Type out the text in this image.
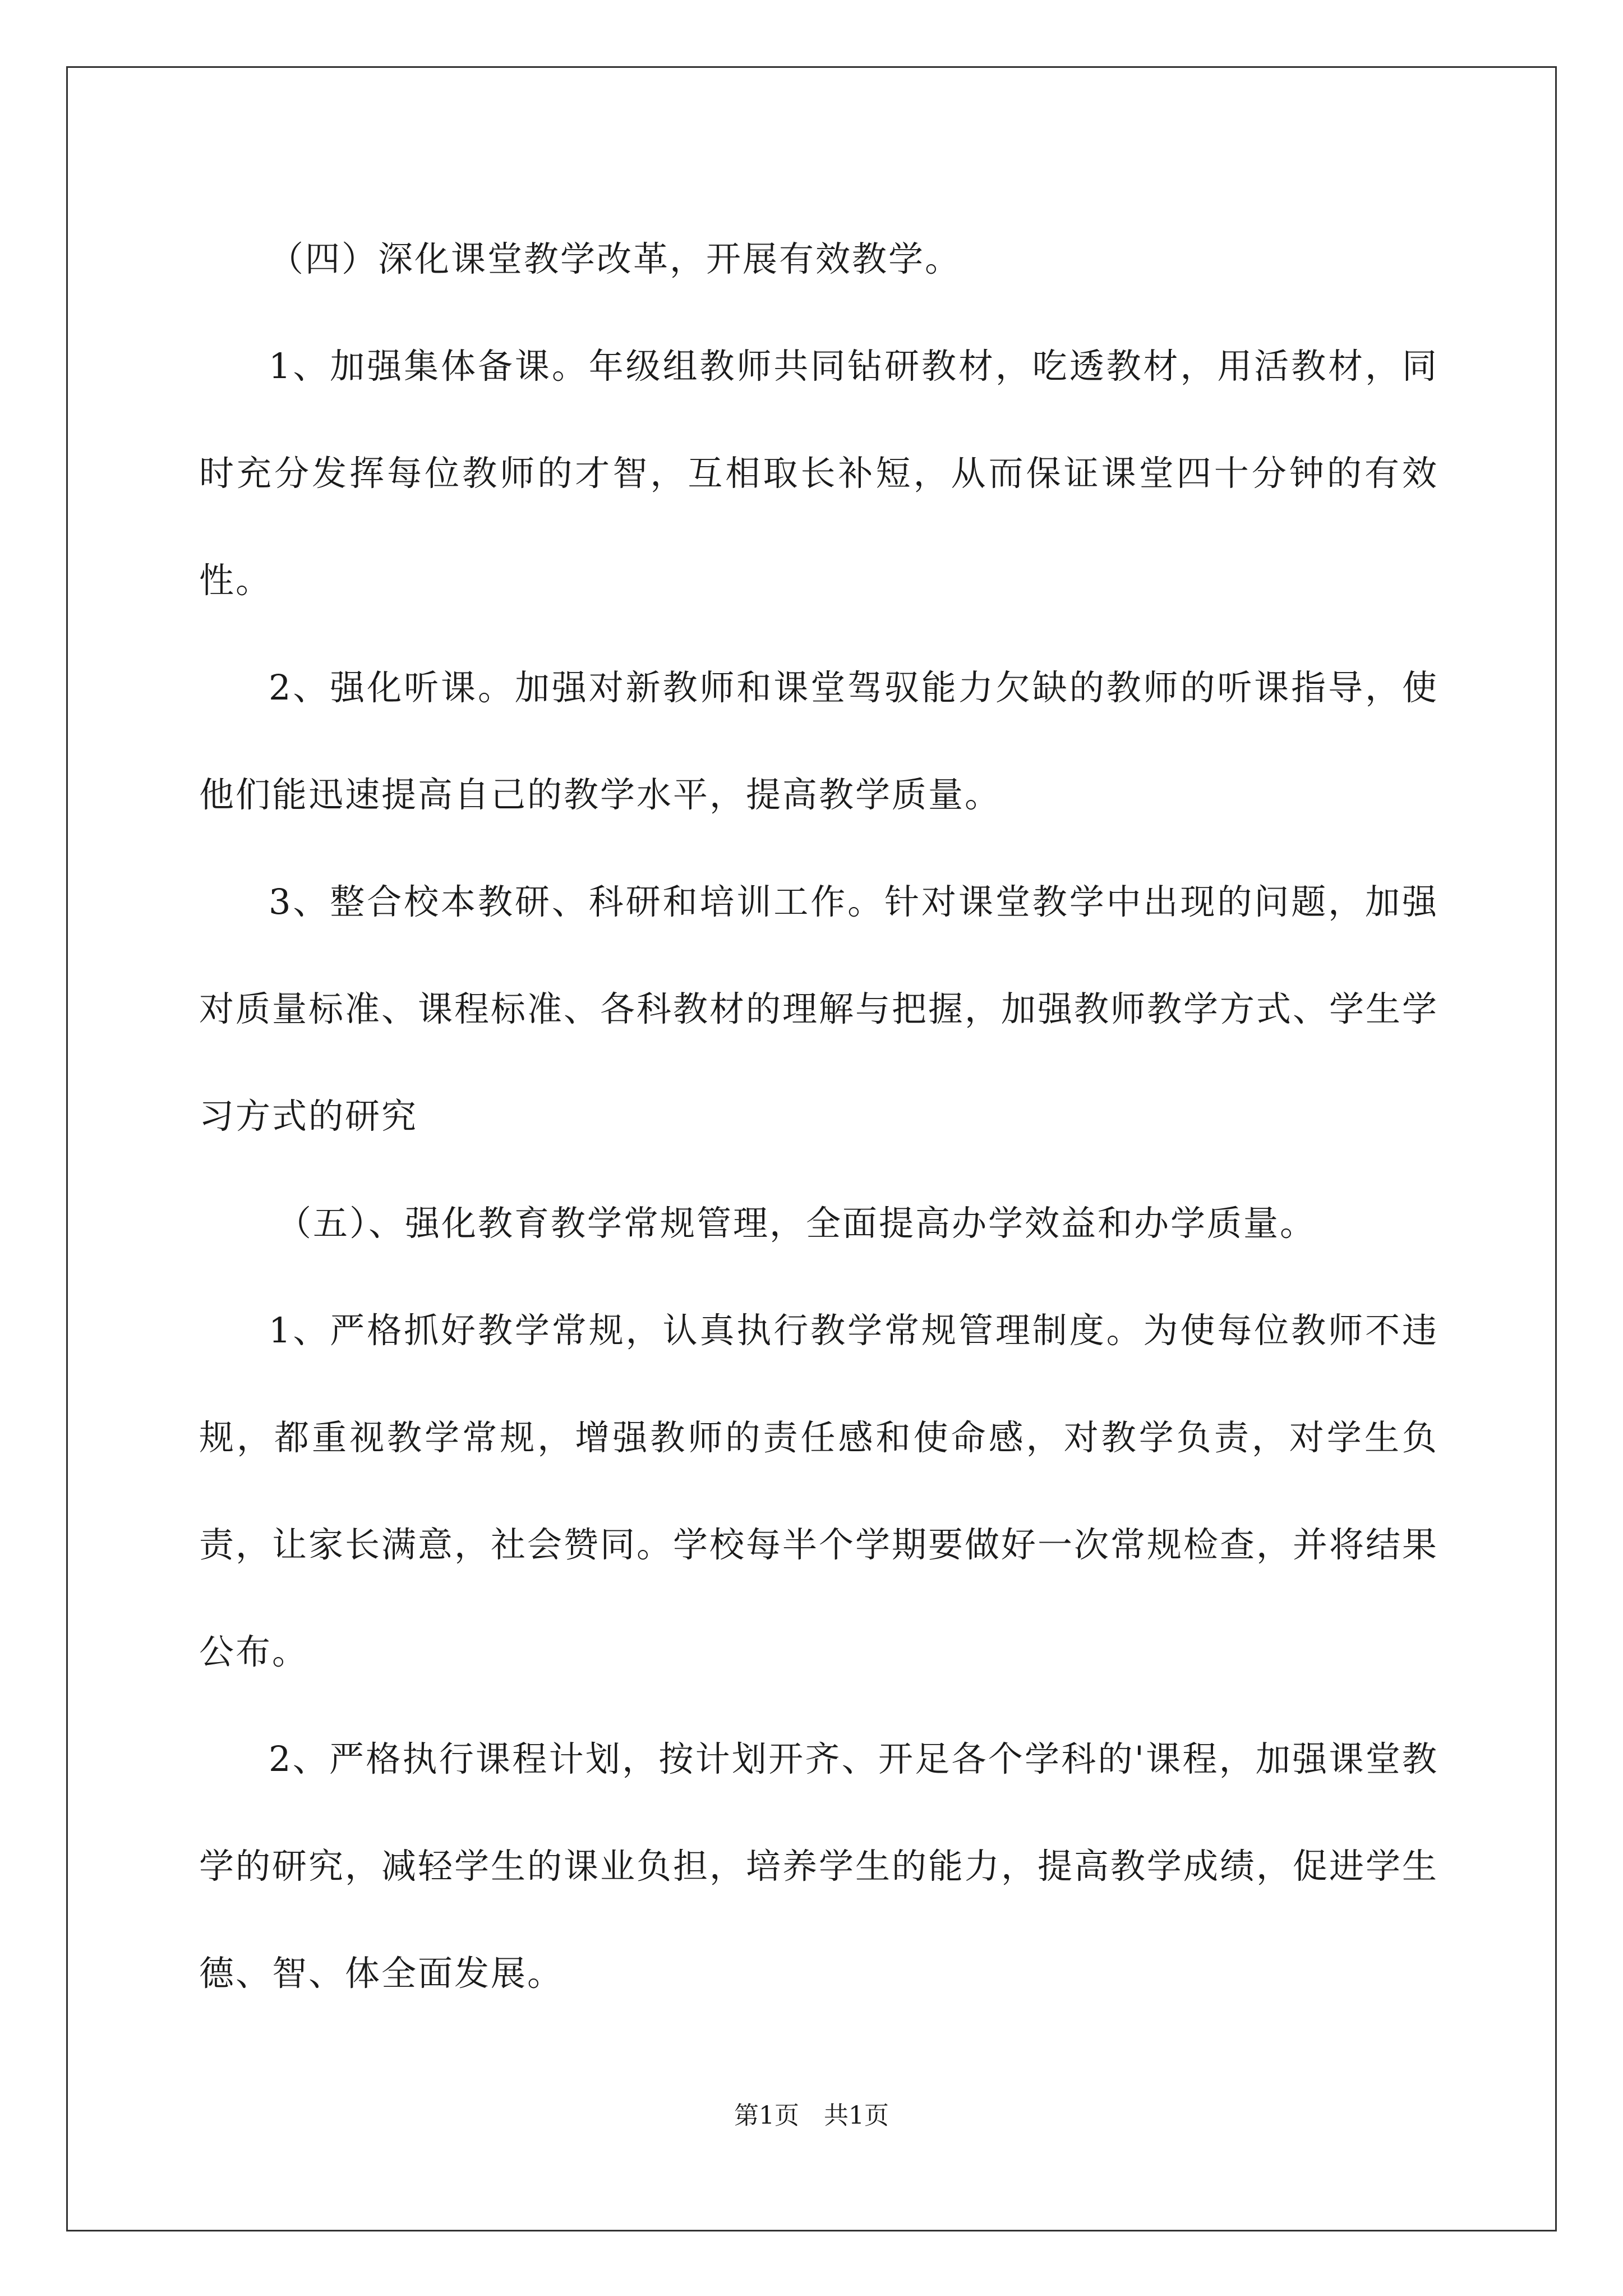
（四）深化课堂教学改革，开展有效教学。

1、加强集体备课。年级组教师共同钻研教材，吃透教材，用活教材，同时充分发挥每位教师的才智，互相取长补短，从而保证课堂四十分钟的有效性。

2、强化听课。加强对新教师和课堂驾驭能力欠缺的教师的听课指导，使他们能迅速提高自己的教学水平，提高教学质量。

3、整合校本教研、科研和培训工作。针对课堂教学中出现的问题，加强对质量标准、课程标准、各科教材的理解与把握，加强教师教学方式、学生学习方式的研究

（五）、强化教育教学常规管理，全面提高办学效益和办学质量。

1、严格抓好教学常规，认真执行教学常规管理制度。为使每位教师不违规，都重视教学常规，增强教师的责任感和使命感，对教学负责，对学生负责，让家长满意，社会赞同。学校每半个学期要做好一次常规检查，并将结果公布。

2、严格执行课程计划，按计划开齐、开足各个学科的'课程，加强课堂教学的研究，减轻学生的课业负担，培养学生的能力，提高教学成绩，促进学生德、智、体全面发展。

第1页　共1页
